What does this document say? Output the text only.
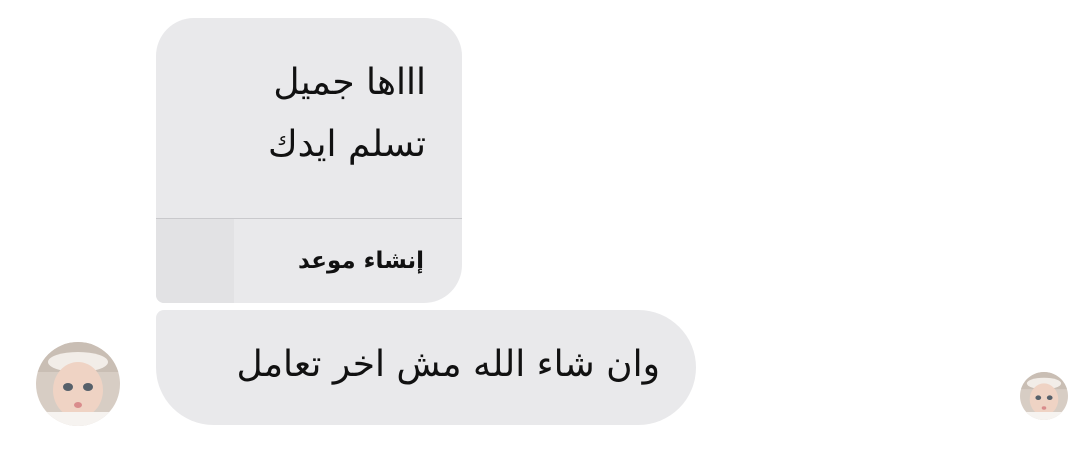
اااها جميل
تسلم ايدك
إنشاء موعد
وان شاء الله مش اخر تعامل
